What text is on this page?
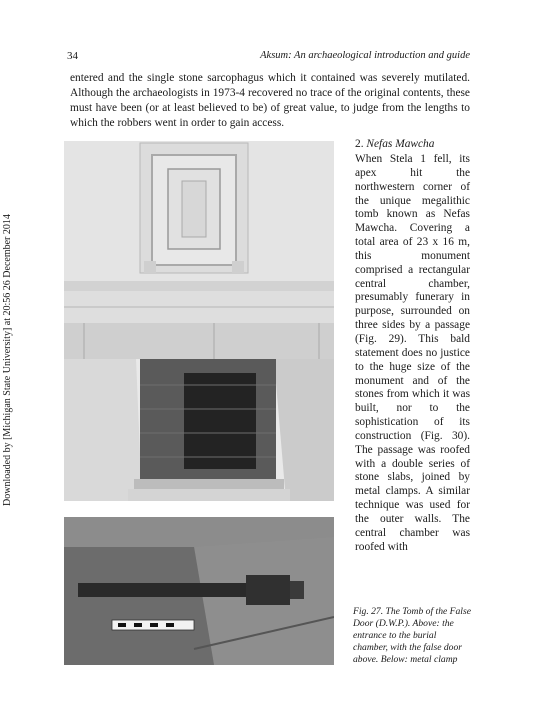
34	Aksum: An archaeological introduction and guide
Downloaded by [Michigan State University] at 20:56 26 December 2014

entered and the single stone sarcophagus which it contained was severely mutilated. Although the archaeologists in 1973-4 recovered no trace of the original contents, these must have been (or at least believed to be) of great value, to judge from the lengths to which the robbers went in order to gain access.

2. Nefas Mawcha

When Stela 1 fell, its apex hit the northwestern corner of the unique megalithic tomb known as Nefas Mawcha. Covering a total area of 23 x 16 m, this monument comprised a rectangular central chamber, presumably funerary in purpose, surrounded on three sides by a passage (Fig. 29). This bald statement does no justice to the huge size of the monument and of the stones from which it was built, nor to the sophistication of its construction (Fig. 30). The passage was roofed with a double series of stone slabs, joined by metal clamps. A similar technique was used for the outer walls. The central chamber was roofed with

Fig. 27. The Tomb of the False Door (D.W.P.). Above: the entrance to the burial chamber, with the false door above. Below: metal clamp
